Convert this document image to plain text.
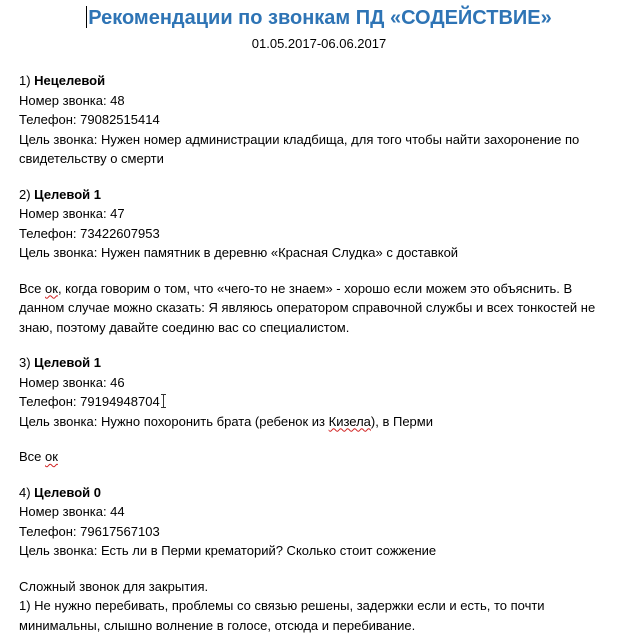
Рекомендации по звонкам ПД «СОДЕЙСТВИЕ»
01.05.2017-06.06.2017
1) Нецелевой
Номер звонка: 48
Телефон: 79082515414
Цель звонка: Нужен номер администрации кладбища, для того чтобы найти захоронение по свидетельству о смерти
2) Целевой 1
Номер звонка: 47
Телефон: 73422607953
Цель звонка: Нужен памятник в деревню «Красная Слудка» с доставкой
Все ок, когда говорим о том, что «чего-то не знаем» - хорошо если можем это объяснить. В данном случае можно сказать: Я являюсь оператором справочной службы и всех тонкостей не знаю, поэтому давайте соединю вас со специалистом.
3) Целевой 1
Номер звонка: 46
Телефон: 79194948704
Цель звонка: Нужно похоронить брата (ребенок из Кизела), в Перми
Все ок
4) Целевой 0
Номер звонка: 44
Телефон: 79617567103
Цель звонка: Есть ли в Перми крематорий? Сколько стоит сожжение
Сложный звонок для закрытия.
1) Не нужно перебивать, проблемы со связью решены, задержки если и есть, то почти минимальны, слышно волнение в голосе, отсюда и перебивание.
